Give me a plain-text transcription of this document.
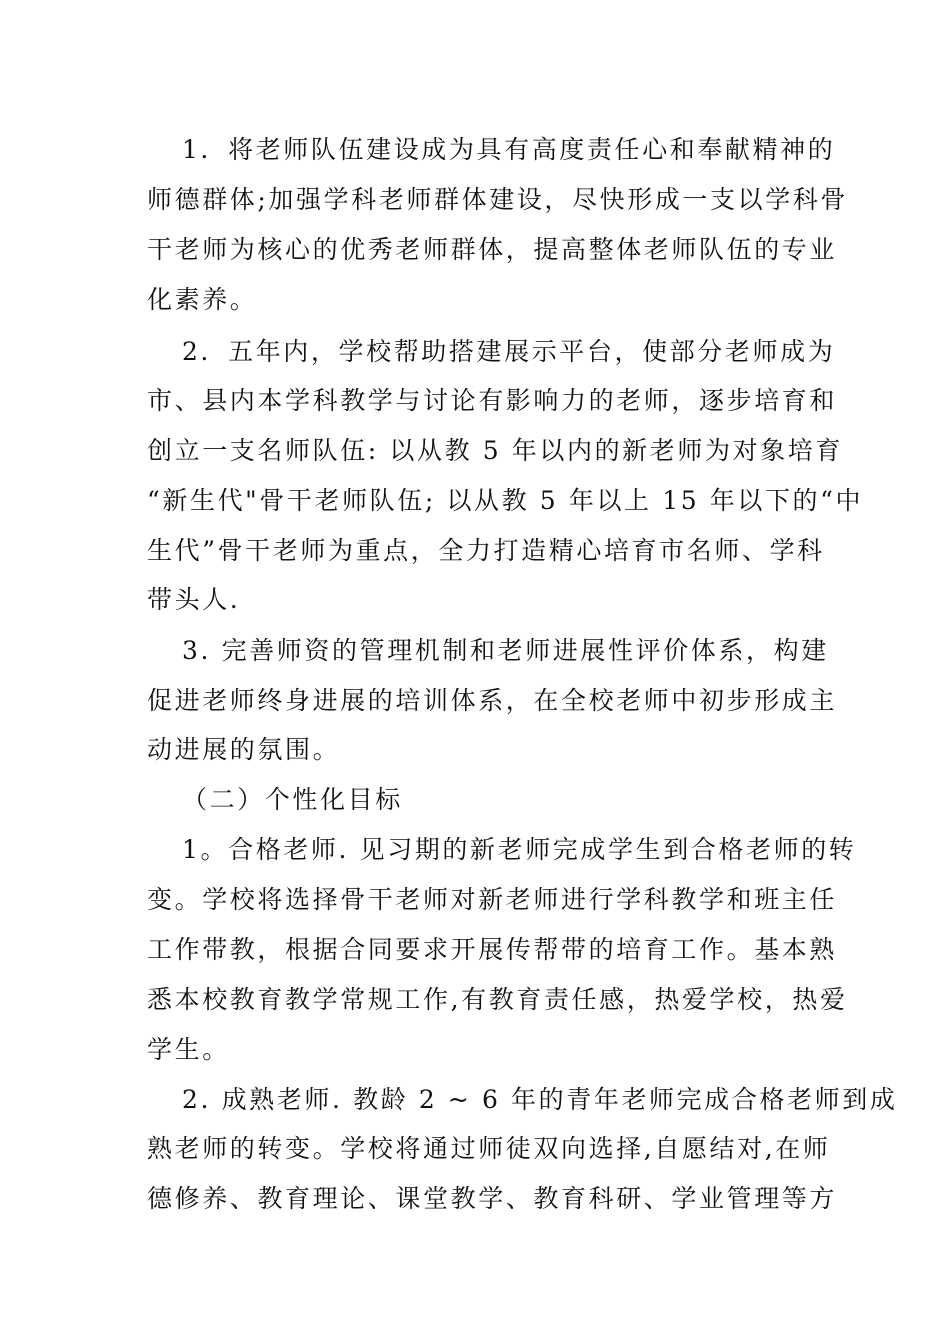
1．将老师队伍建设成为具有高度责任心和奉献精神的
师德群体;加强学科老师群体建设，尽快形成一支以学科骨
干老师为核心的优秀老师群体，提高整体老师队伍的专业
化素养。
2．五年内，学校帮助搭建展示平台，使部分老师成为
市、县内本学科教学与讨论有影响力的老师，逐步培育和
创立一支名师队伍: 以从教 5 年以内的新老师为对象培育
“新生代"骨干老师队伍; 以从教 5 年以上 15 年以下的“中
生代”骨干老师为重点，全力打造精心培育市名师、学科
带头人.
3. 完善师资的管理机制和老师进展性评价体系，构建
促进老师终身进展的培训体系，在全校老师中初步形成主
动进展的氛围。
（二）个性化目标
1。合格老师. 见习期的新老师完成学生到合格老师的转
变。学校将选择骨干老师对新老师进行学科教学和班主任
工作带教，根据合同要求开展传帮带的培育工作。基本熟
悉本校教育教学常规工作,有教育责任感，热爱学校，热爱
学生。
2. 成熟老师. 教龄 2 ~ 6 年的青年老师完成合格老师到成
熟老师的转变。学校将通过师徒双向选择,自愿结对,在师
德修养、教育理论、课堂教学、教育科研、学业管理等方
